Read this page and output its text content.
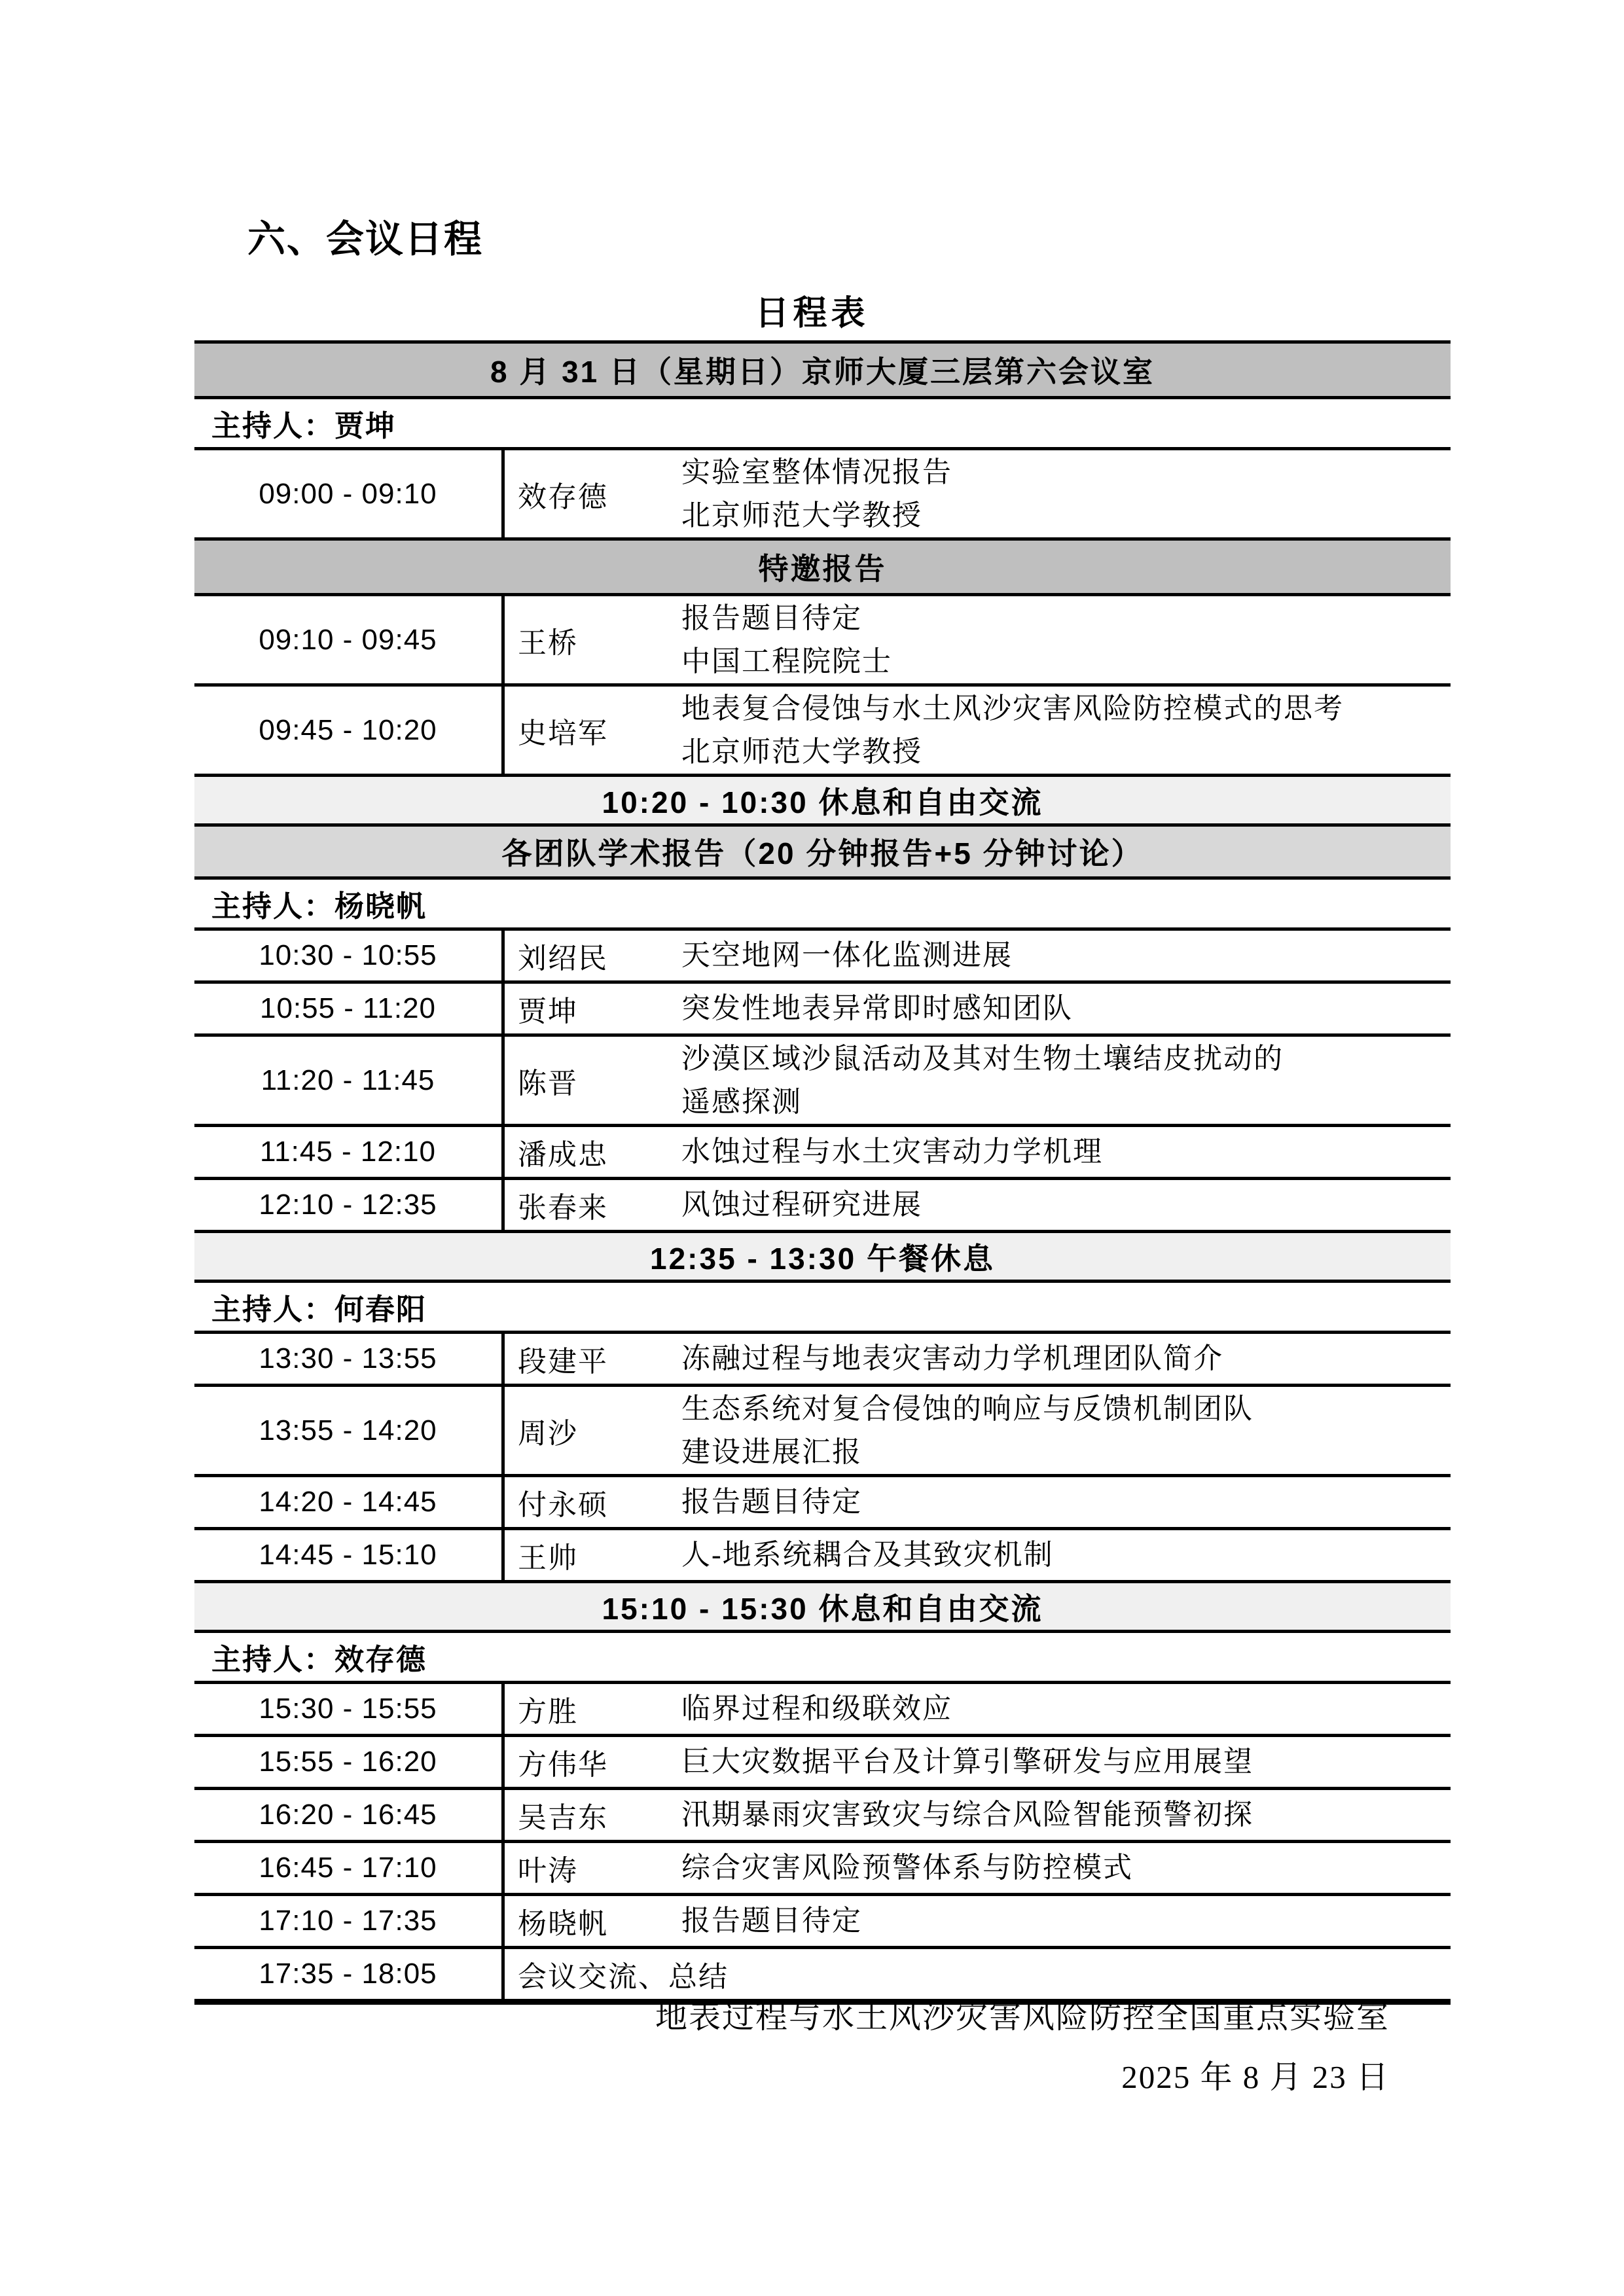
六、会议日程
日程表
8 月 31 日（星期日）京师大厦三层第六会议室
主持人：贾坤
09:00 - 09:10	效存德
实验室整体情况报告
北京师范大学教授
特邀报告
09:10 - 09:45	王桥
报告题目待定
中国工程院院士
09:45 - 10:20	史培军
地表复合侵蚀与水土风沙灾害风险防控模式的思考
北京师范大学教授
10:20 - 10:30 休息和自由交流
各团队学术报告（20 分钟报告+5 分钟讨论）
主持人：杨晓帆
10:30 - 10:55	刘绍民	天空地网一体化监测进展
10:55 - 11:20	贾坤	突发性地表异常即时感知团队
11:20 - 11:45	陈晋
沙漠区域沙鼠活动及其对生物土壤结皮扰动的
遥感探测
11:45 - 12:10	潘成忠	水蚀过程与水土灾害动力学机理
12:10 - 12:35	张春来	风蚀过程研究进展
12:35 - 13:30 午餐休息
主持人：何春阳
13:30 - 13:55	段建平	冻融过程与地表灾害动力学机理团队简介
13:55 - 14:20	周沙
生态系统对复合侵蚀的响应与反馈机制团队
建设进展汇报
14:20 - 14:45	付永硕	报告题目待定
14:45 - 15:10	王帅	人-地系统耦合及其致灾机制
15:10 - 15:30 休息和自由交流
主持人：效存德
15:30 - 15:55	方胜	临界过程和级联效应
15:55 - 16:20	方伟华	巨大灾数据平台及计算引擎研发与应用展望
16:20 - 16:45	吴吉东	汛期暴雨灾害致灾与综合风险智能预警初探
16:45 - 17:10	叶涛	综合灾害风险预警体系与防控模式
17:10 - 17:35	杨晓帆	报告题目待定
17:35 - 18:05	会议交流、总结
地表过程与水土风沙灾害风险防控全国重点实验室
2025 年 8 月 23 日
